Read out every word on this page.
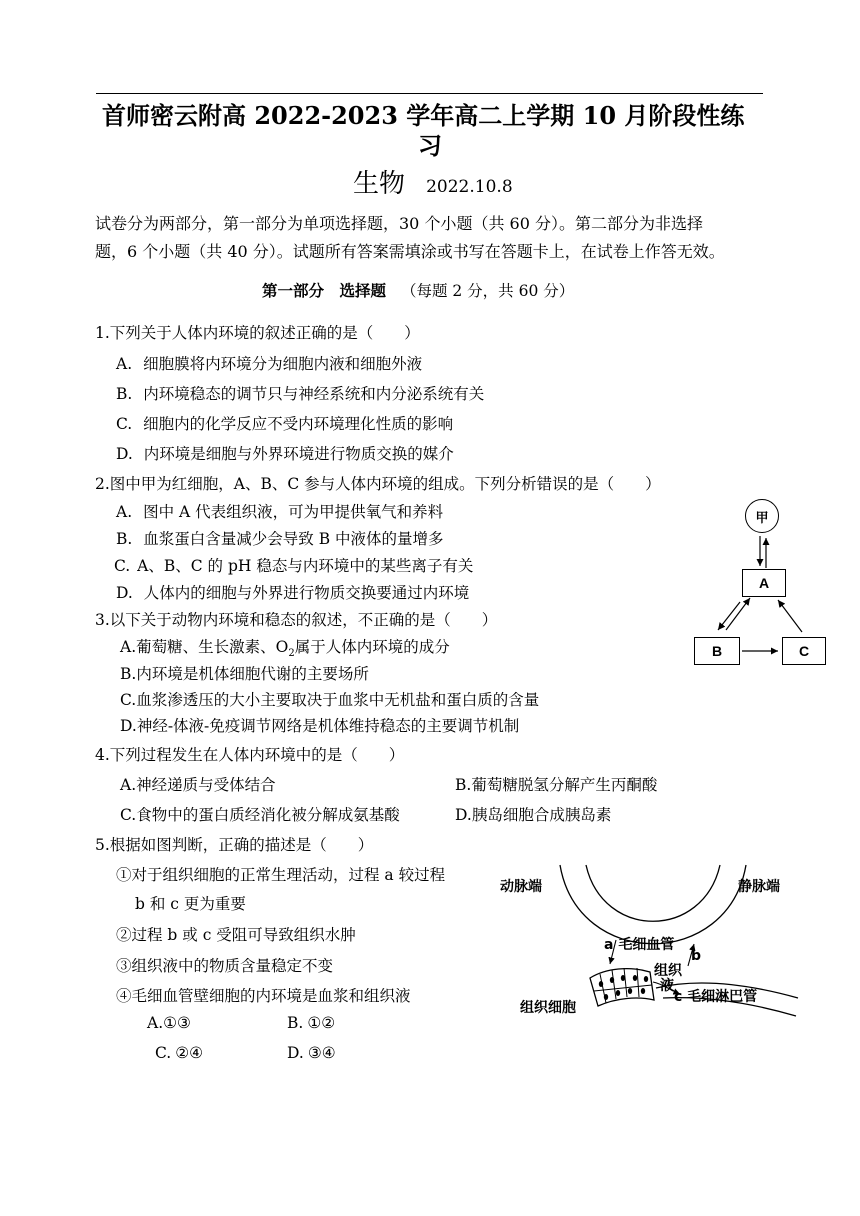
首师密云附高 2022-2023 学年高二上学期 10 月阶段性练
习
生物 2022.10.8
试卷分为两部分，第一部分为单项选择题，30 个小题（共 60 分）。第二部分为非选择
题，6 个小题（共 40 分）。试题所有答案需填涂或书写在答题卡上，在试卷上作答无效。
第一部分　选择题 （每题 2 分，共 60 分）
1.下列关于人体内环境的叙述正确的是（　　）
A. 细胞膜将内环境分为细胞内液和细胞外液
B. 内环境稳态的调节只与神经系统和内分泌系统有关
C. 细胞内的化学反应不受内环境理化性质的影响
D. 内环境是细胞与外界环境进行物质交换的媒介
2.图中甲为红细胞，A、B、C 参与人体内环境的组成。下列分析错误的是（　　）
A. 图中 A 代表组织液，可为甲提供氧气和养料
B. 血浆蛋白含量减少会导致 B 中液体的量增多
C. A、B、C 的 pH 稳态与内环境中的某些离子有关
D. 人体内的细胞与外界进行物质交换要通过内环境
甲
A
B	C
3.以下关于动物内环境和稳态的叙述，不正确的是（　　）
A.葡萄糖、生长激素、$O_2$属于人体内环境的成分
B.内环境是机体细胞代谢的主要场所
C.血浆渗透压的大小主要取决于血浆中无机盐和蛋白质的含量
D.神经-体液-免疫调节网络是机体维持稳态的主要调节机制
4.下列过程发生在人体内环境中的是（　　）
A.神经递质与受体结合	B.葡萄糖脱氢分解产生丙酮酸
C.食物中的蛋白质经消化被分解成氨基酸	D.胰岛细胞合成胰岛素
5.根据如图判断，正确的描述是（　　）
①对于组织细胞的正常生理活动，过程 a 较过程
b 和 c 更为重要
②过程 b 或 c 受阻可导致组织水肿
③组织液中的物质含量稳定不变
④毛细血管壁细胞的内环境是血浆和组织液
A.①③	B. ①②
C. ②④	D. ③④
动脉端	静脉端
a 毛细血管
b
组织
液
组织细胞
c 毛细淋巴管
